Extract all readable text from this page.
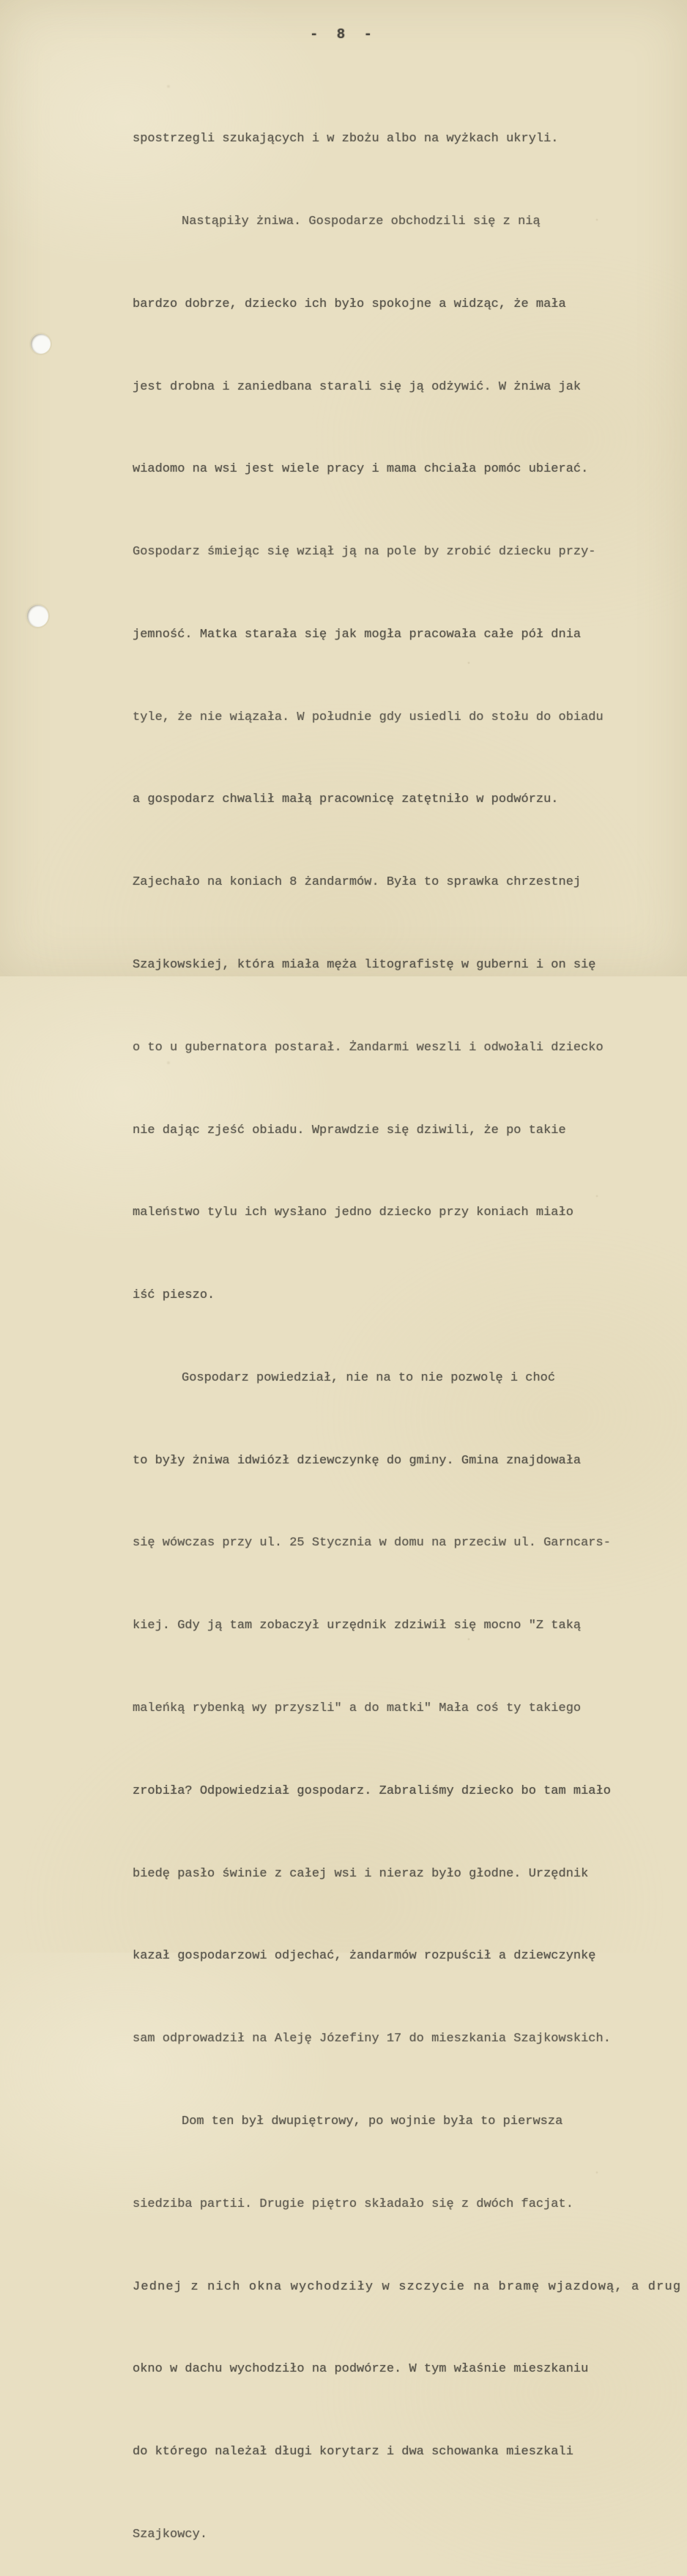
- 8 -

spostrzegli szukających i w zbożu albo na wyżkach ukryli.

Nastąpiły żniwa. Gospodarze obchodzili się z nią

bardzo dobrze, dziecko ich było spokojne a widząc, że mała

jest drobna i zaniedbana starali się ją odżywić. W żniwa jak

wiadomo na wsi jest wiele pracy i mama chciała pomóc ubierać.

Gospodarz śmiejąc się wziął ją na pole by zrobić dziecku przy-

jemność. Matka starała się jak mogła pracowała całe pół dnia

tyle, że nie wiązała. W południe gdy usiedli do stołu do obiadu

a gospodarz chwalił małą pracownicę zatętniło w podwórzu.

Zajechało na koniach 8 żandarmów. Była to sprawka chrzestnej

Szajkowskiej, która miała męża litografistę w guberni i on się

o to u gubernatora postarał. Żandarmi weszli i odwołali dziecko

nie dając zjeść obiadu. Wprawdzie się dziwili, że po takie

maleństwo tylu ich wysłano jedno dziecko przy koniach miało

iść pieszo.

Gospodarz powiedział, nie na to nie pozwolę i choć

to były żniwa idwiózł dziewczynkę do gminy. Gmina znajdowała

się wówczas przy ul. 25 Stycznia w domu na przeciw ul. Garncars-

kiej. Gdy ją tam zobaczył urzędnik zdziwił się mocno "Z taką

maleńką rybenką wy przyszli" a do matki" Mała coś ty takiego

zrobiła? Odpowiedział gospodarz. Zabraliśmy dziecko bo tam miało

biedę pasło świnie z całej wsi i nieraz było głodne. Urzędnik

kazał gospodarzowi odjechać, żandarmów rozpuścił a dziewczynkę

sam odprowadził na Aleję Józefiny 17 do mieszkania Szajkowskich.

Dom ten był dwupiętrowy, po wojnie była to pierwsza

siedziba partii. Drugie piętro składało się z dwóch facjat.

Jednej z nich okna wychodziły w szczycie na bramę wjazdową, a drug

okno w dachu wychodziło na podwórze. W tym właśnie mieszkaniu

do którego należał długi korytarz i dwa schowanka mieszkali

Szajkowcy.
